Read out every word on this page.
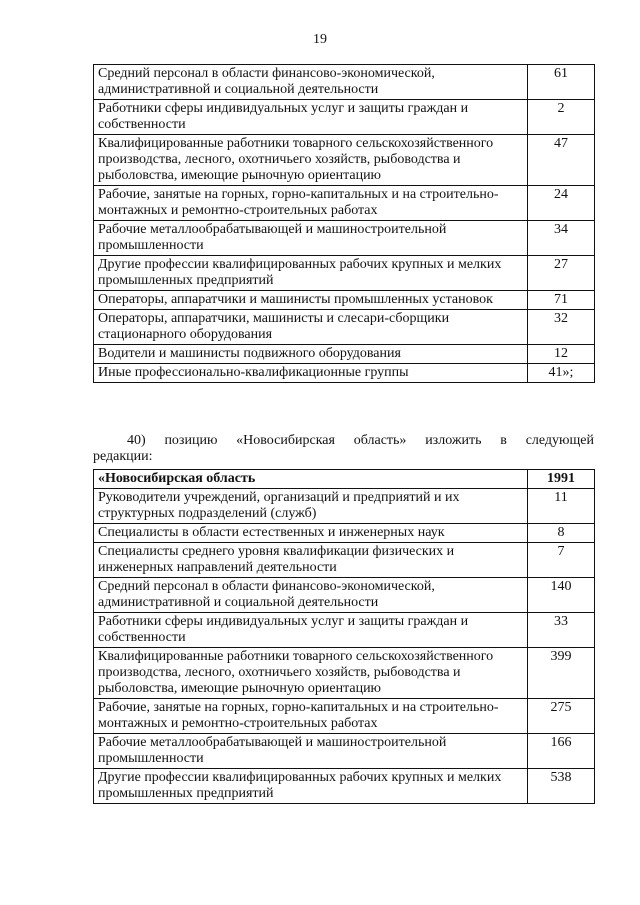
19
Средний персонал в области финансово-экономической, административной и социальной деятельности	61
Работники сферы индивидуальных услуг и защиты граждан и собственности	2
Квалифицированные работники товарного сельскохозяйственного производства, лесного, охотничьего хозяйств, рыбоводства и рыболовства, имеющие рыночную ориентацию	47
Рабочие, занятые на горных, горно-капитальных и на строительно-монтажных и ремонтно-строительных работах	24
Рабочие металлообрабатывающей и машиностроительной промышленности	34
Другие профессии квалифицированных рабочих крупных и мелких промышленных предприятий	27
Операторы, аппаратчики и машинисты промышленных установок	71
Операторы, аппаратчики, машинисты и слесари-сборщики стационарного оборудования	32
Водители и машинисты подвижного оборудования	12
Иные профессионально-квалификационные группы	41»;
40) позицию «Новосибирская область» изложить в следующей
редакции:
«Новосибирская область	1991
Руководители учреждений, организаций и предприятий и их структурных подразделений (служб)	11
Специалисты в области естественных и инженерных наук	8
Специалисты среднего уровня квалификации физических и инженерных направлений деятельности	7
Средний персонал в области финансово-экономической, административной и социальной деятельности	140
Работники сферы индивидуальных услуг и защиты граждан и собственности	33
Квалифицированные работники товарного сельскохозяйственного производства, лесного, охотничьего хозяйств, рыбоводства и рыболовства, имеющие рыночную ориентацию	399
Рабочие, занятые на горных, горно-капитальных и на строительно-монтажных и ремонтно-строительных работах	275
Рабочие металлообрабатывающей и машиностроительной промышленности	166
Другие профессии квалифицированных рабочих крупных и мелких промышленных предприятий	538
